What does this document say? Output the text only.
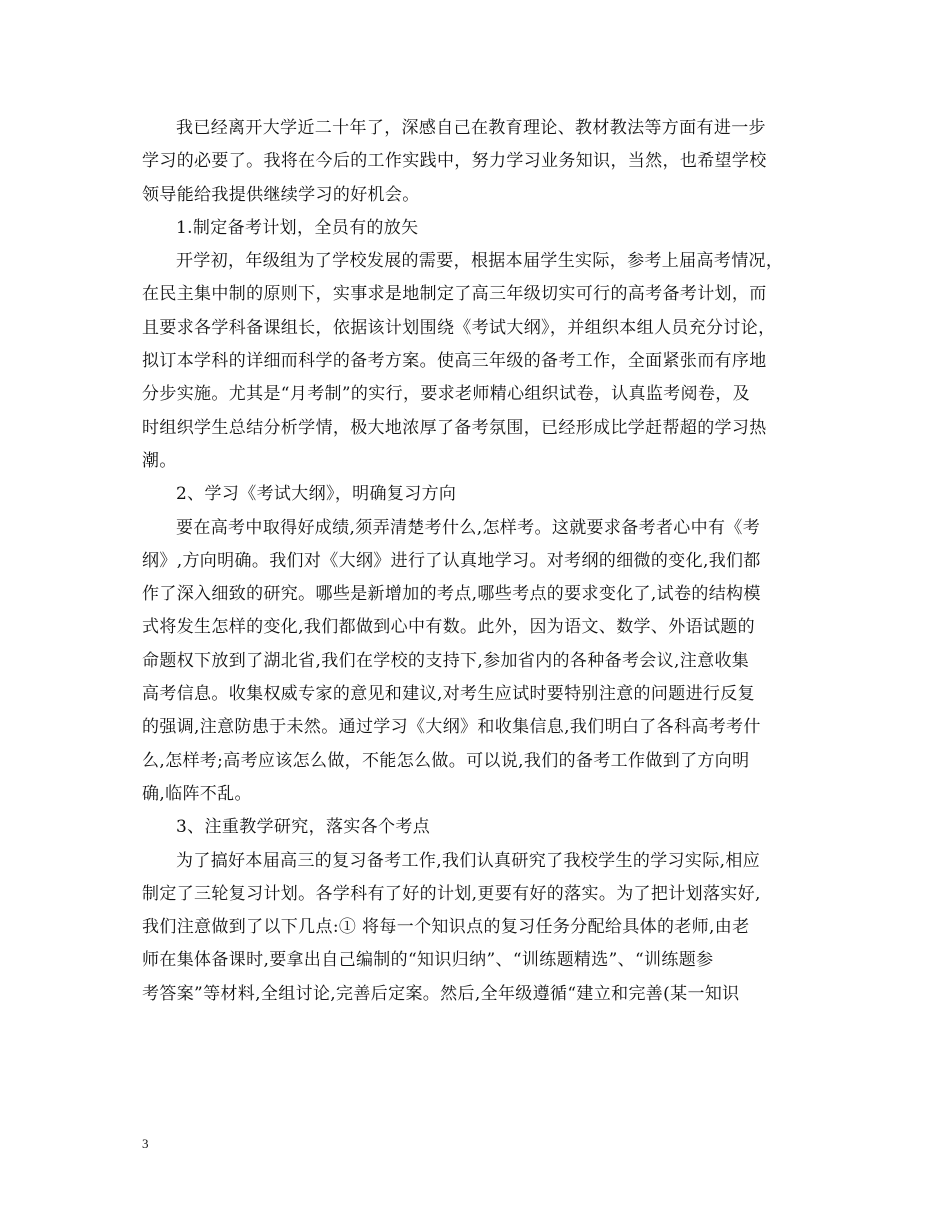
我已经离开大学近二十年了，深感自己在教育理论、教材教法等方面有进一步
学习的必要了。我将在今后的工作实践中，努力学习业务知识，当然，也希望学校
领导能给我提供继续学习的好机会。
1.制定备考计划，全员有的放矢
开学初，年级组为了学校发展的需要，根据本届学生实际，参考上届高考情况，
在民主集中制的原则下，实事求是地制定了高三年级切实可行的高考备考计划，而
且要求各学科备课组长，依据该计划围绕《考试大纲》，并组织本组人员充分讨论，
拟订本学科的详细而科学的备考方案。使高三年级的备考工作，全面紧张而有序地
分步实施。尤其是“月考制”的实行，要求老师精心组织试卷，认真监考阅卷，及
时组织学生总结分析学情，极大地浓厚了备考氛围，已经形成比学赶帮超的学习热
潮。
2、学习《考试大纲》，明确复习方向
要在高考中取得好成绩,须弄清楚考什么,怎样考。这就要求备考者心中有《考
纲》,方向明确。我们对《大纲》进行了认真地学习。对考纲的细微的变化,我们都
作了深入细致的研究。哪些是新增加的考点,哪些考点的要求变化了,试卷的结构模
式将发生怎样的变化,我们都做到心中有数。此外，因为语文、数学、外语试题的
命题权下放到了湖北省,我们在学校的支持下,参加省内的各种备考会议,注意收集
高考信息。收集权威专家的意见和建议,对考生应试时要特别注意的问题进行反复
的强调,注意防患于未然。通过学习《大纲》和收集信息,我们明白了各科高考考什
么,怎样考;高考应该怎么做，不能怎么做。可以说,我们的备考工作做到了方向明
确,临阵不乱。
3、注重教学研究，落实各个考点
为了搞好本届高三的复习备考工作,我们认真研究了我校学生的学习实际,相应
制定了三轮复习计划。各学科有了好的计划,更要有好的落实。为了把计划落实好,
我们注意做到了以下几点:① 将每一个知识点的复习任务分配给具体的老师,由老
师在集体备课时,要拿出自己编制的“知识归纳”、“训练题精选”、“训练题参
考答案”等材料,全组讨论,完善后定案。然后,全年级遵循“建立和完善(某一知识
3
